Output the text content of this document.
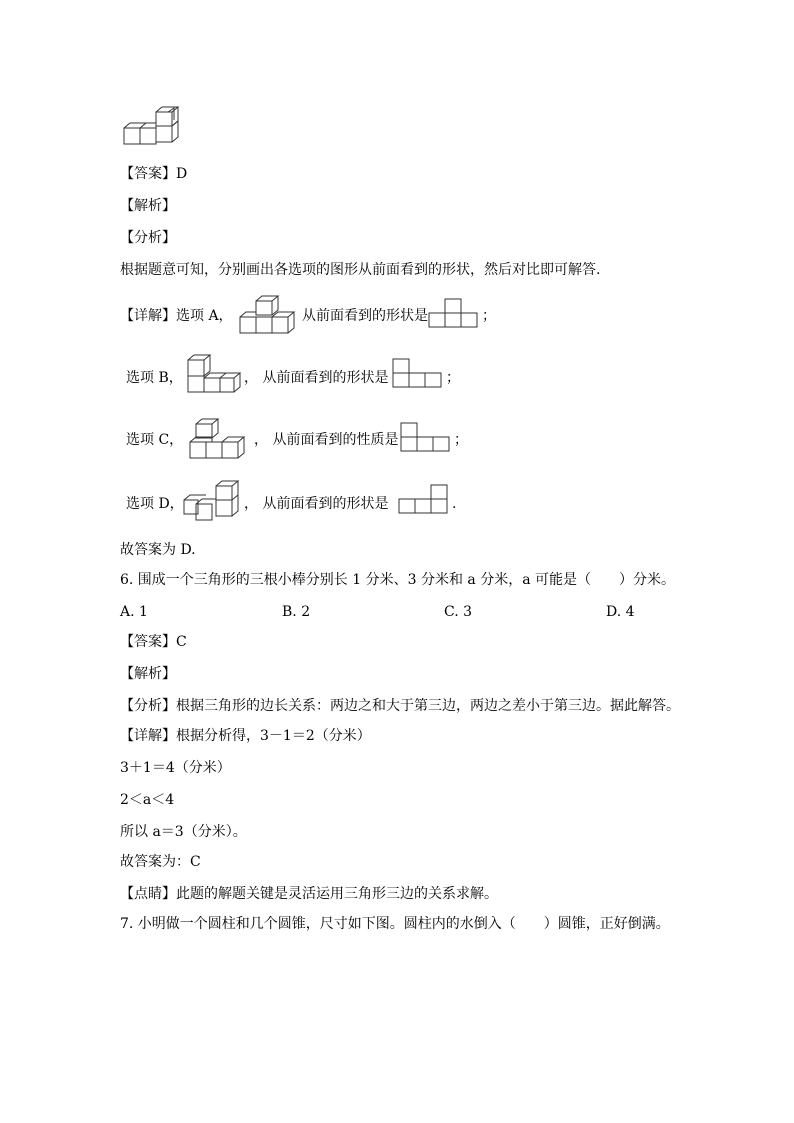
【答案】D
【解析】
【分析】
根据题意可知，分别画出各选项的图形从前面看到的形状，然后对比即可解答.
【详解】选项 A，	从前面看到的形状是	；
选项 B，	， 从前面看到的形状是	；
选项 C，	， 从前面看到的性质是	；
选项 D，	， 从前面看到的形状是	.
故答案为 D.
6. 围成一个三角形的三根小棒分别长 1 分米、3 分米和 a 分米，a 可能是（　　）分米。
A. 1	B. 2	C. 3	D. 4
【答案】C
【解析】
【分析】根据三角形的边长关系：两边之和大于第三边，两边之差小于第三边。据此解答。
【详解】根据分析得，3－1＝2（分米）
3＋1＝4（分米）
2＜a＜4
所以 a＝3（分米）。
故答案为：C
【点睛】此题的解题关键是灵活运用三角形三边的关系求解。
7. 小明做一个圆柱和几个圆锥，尺寸如下图。圆柱内的水倒入（　　）圆锥，正好倒满。
